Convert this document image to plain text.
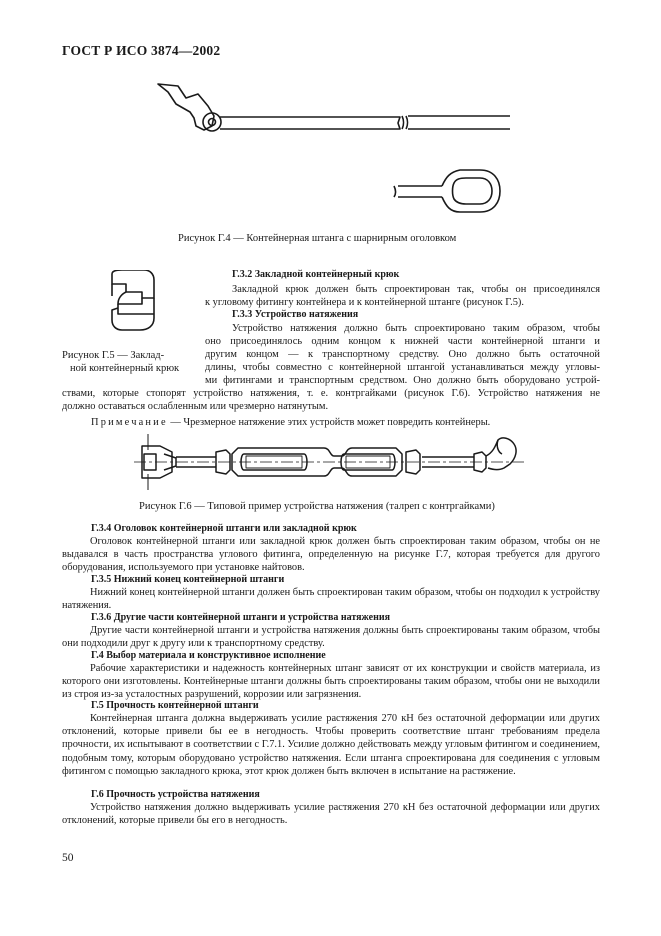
ГОСТ Р ИСО 3874—2002
Рисунок Г.4 — Контейнерная штанга с шарнирным оголовком
Рисунок Г.5 — Заклад-
ной контейнерный крюк
Г.3.2 Закладной контейнерный крюк
Закладной крюк должен быть спроектирован так, чтобы он присоединялся
к угловому фитингу контейнера и к контейнерной штанге (рисунок Г.5).
Г.3.3 Устройство натяжения
Устройство натяжения должно быть спроектировано таким образом, чтобы
оно присоединялось одним концом к нижней части контейнерной штанги и
другим концом — к транспортному средству. Оно должно быть остаточной
длины, чтобы совместно с контейнерной штангой устанавливаться между угловы-
ми фитингами и транспортным средством. Оно должно быть оборудовано устрой-
ствами, которые стопорят устройство натяжения, т. е. контргайками (рисунок Г.6). Устройство натяжения не
должно оставаться ослабленным или чрезмерно натянутым.
Примечание — Чрезмерное натяжение этих устройств может повредить контейнеры.
Рисунок Г.6 — Типовой пример устройства натяжения (талреп с контргайками)
Г.3.4 Оголовок контейнерной штанги или закладной крюк
Оголовок контейнерной штанги или закладной крюк должен быть спроектирован таким образом, чтобы он не выдавался в часть пространства углового фитинга, определенную на рисунке Г.7, которая требуется для другого оборудования, используемого при установке найтовов.
Г.3.5 Нижний конец контейнерной штанги
Нижний конец контейнерной штанги должен быть спроектирован таким образом, чтобы он подходил к устройству натяжения.
Г.3.6 Другие части контейнерной штанги и устройства натяжения
Другие части контейнерной штанги и устройства натяжения должны быть спроектированы таким образом, чтобы они подходили друг к другу или к транспортному средству.
Г.4 Выбор материала и конструктивное исполнение
Рабочие характеристики и надежность контейнерных штанг зависят от их конструкции и свойств материала, из которого они изготовлены. Контейнерные штанги должны быть спроектированы таким образом, чтобы они не выходили из строя из-за усталостных разрушений, коррозии или загрязнения.
Г.5 Прочность контейнерной штанги
Контейнерная штанга должна выдерживать усилие растяжения 270 кН без остаточной деформации или других отклонений, которые привели бы ее в негодность. Чтобы проверить соответствие штанг требованиям предела прочности, их испытывают в соответствии с Г.7.1. Усилие должно действовать между угловым фитингом и соединением, подобным тому, которым оборудовано устройство натяжения. Если штанга спроектирована для соединения с угловым фитингом с помощью закладного крюка, этот крюк должен быть включен в испытание на растяжение.
Г.6 Прочность устройства натяжения
Устройство натяжения должно выдерживать усилие растяжения 270 кН без остаточной деформации или других отклонений, которые привели бы его в негодность.
50
